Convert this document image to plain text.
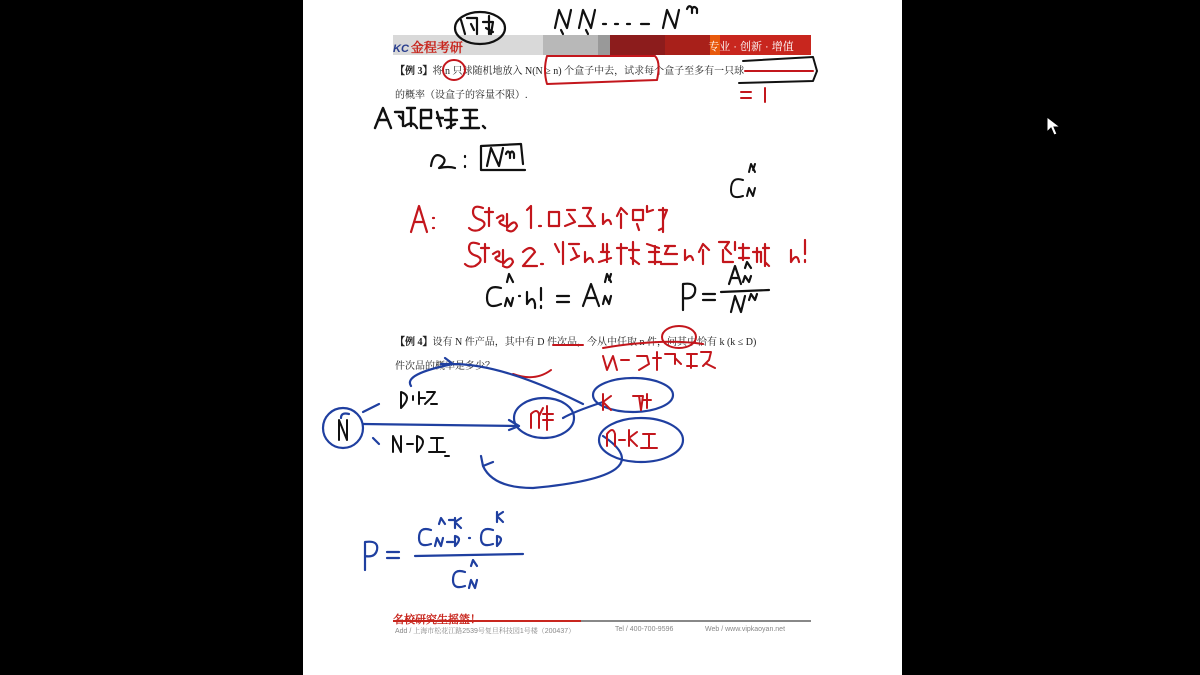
KC 金程考研	专业 · 创新 · 增值
【例 3】将 n 只球随机地放入 N(N ≥ n) 个盒子中去，试求每个盒子至多有一只球
的概率（设盒子的容量不限）.
【例 4】设有 N 件产品，其中有 D 件次品，今从中任取 n 件，问其中恰有 k (k ≤ D)
件次品的概率是多少？
Add / 上海市松花江路2539号复旦科技园1号楼（200437）	Tel / 400-700-9596	Web / www.vipkaoyan.net
